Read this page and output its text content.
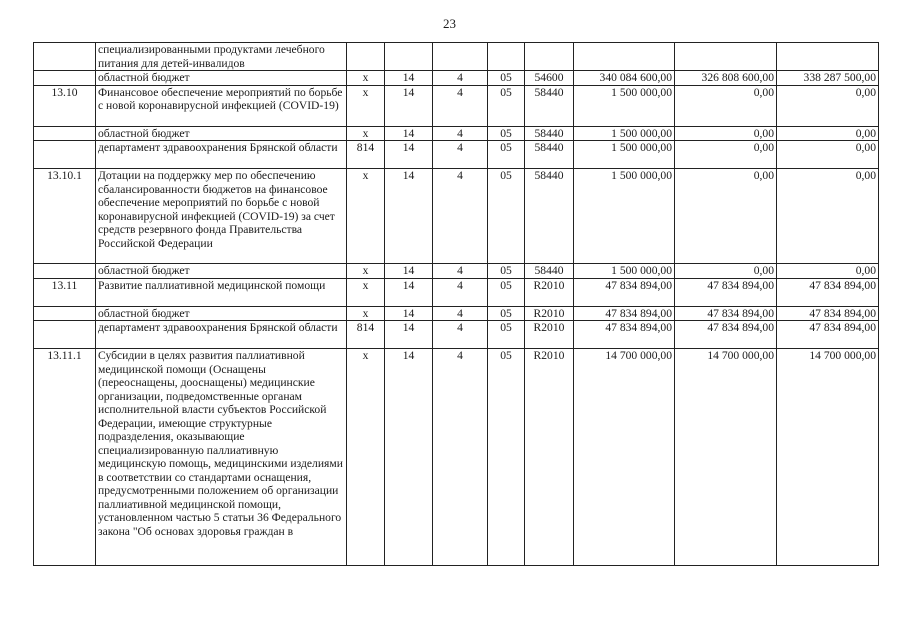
23
	специализированными продуктами лечебного питания для детей-инвалидов								
	областной бюджет	х	14	4	05	54600	340 084 600,00	326 808 600,00	338 287 500,00
13.10	Финансовое обеспечение мероприятий по борьбе с новой коронавирусной инфекцией (COVID-19)	х	14	4	05	58440	1 500 000,00	0,00	0,00
	областной бюджет	х	14	4	05	58440	1 500 000,00	0,00	0,00
	департамент здравоохранения Брянской области	814	14	4	05	58440	1 500 000,00	0,00	0,00
13.10.1	Дотации на поддержку мер по обеспечению сбалансированности бюджетов на финансовое обеспечение мероприятий по борьбе с новой коронавирусной инфекцией (COVID-19) за счет средств резервного фонда Правительства Российской Федерации	х	14	4	05	58440	1 500 000,00	0,00	0,00
	областной бюджет	х	14	4	05	58440	1 500 000,00	0,00	0,00
13.11	Развитие паллиативной медицинской помощи	х	14	4	05	R2010	47 834 894,00	47 834 894,00	47 834 894,00
	областной бюджет	х	14	4	05	R2010	47 834 894,00	47 834 894,00	47 834 894,00
	департамент здравоохранения Брянской области	814	14	4	05	R2010	47 834 894,00	47 834 894,00	47 834 894,00
13.11.1	Субсидии в целях развития паллиативной медицинской помощи (Оснащены (переоснащены, дооснащены) медицинские организации, подведомственные органам исполнительной власти субъектов Российской Федерации, имеющие структурные подразделения, оказывающие специализированную паллиативную медицинскую помощь, медицинскими изделиями в соответствии со стандартами оснащения, предусмотренными положением об организации паллиативной медицинской помощи, установленном частью 5 статьи 36 Федерального закона "Об основах здоровья граждан в	х	14	4	05	R2010	14 700 000,00	14 700 000,00	14 700 000,00
